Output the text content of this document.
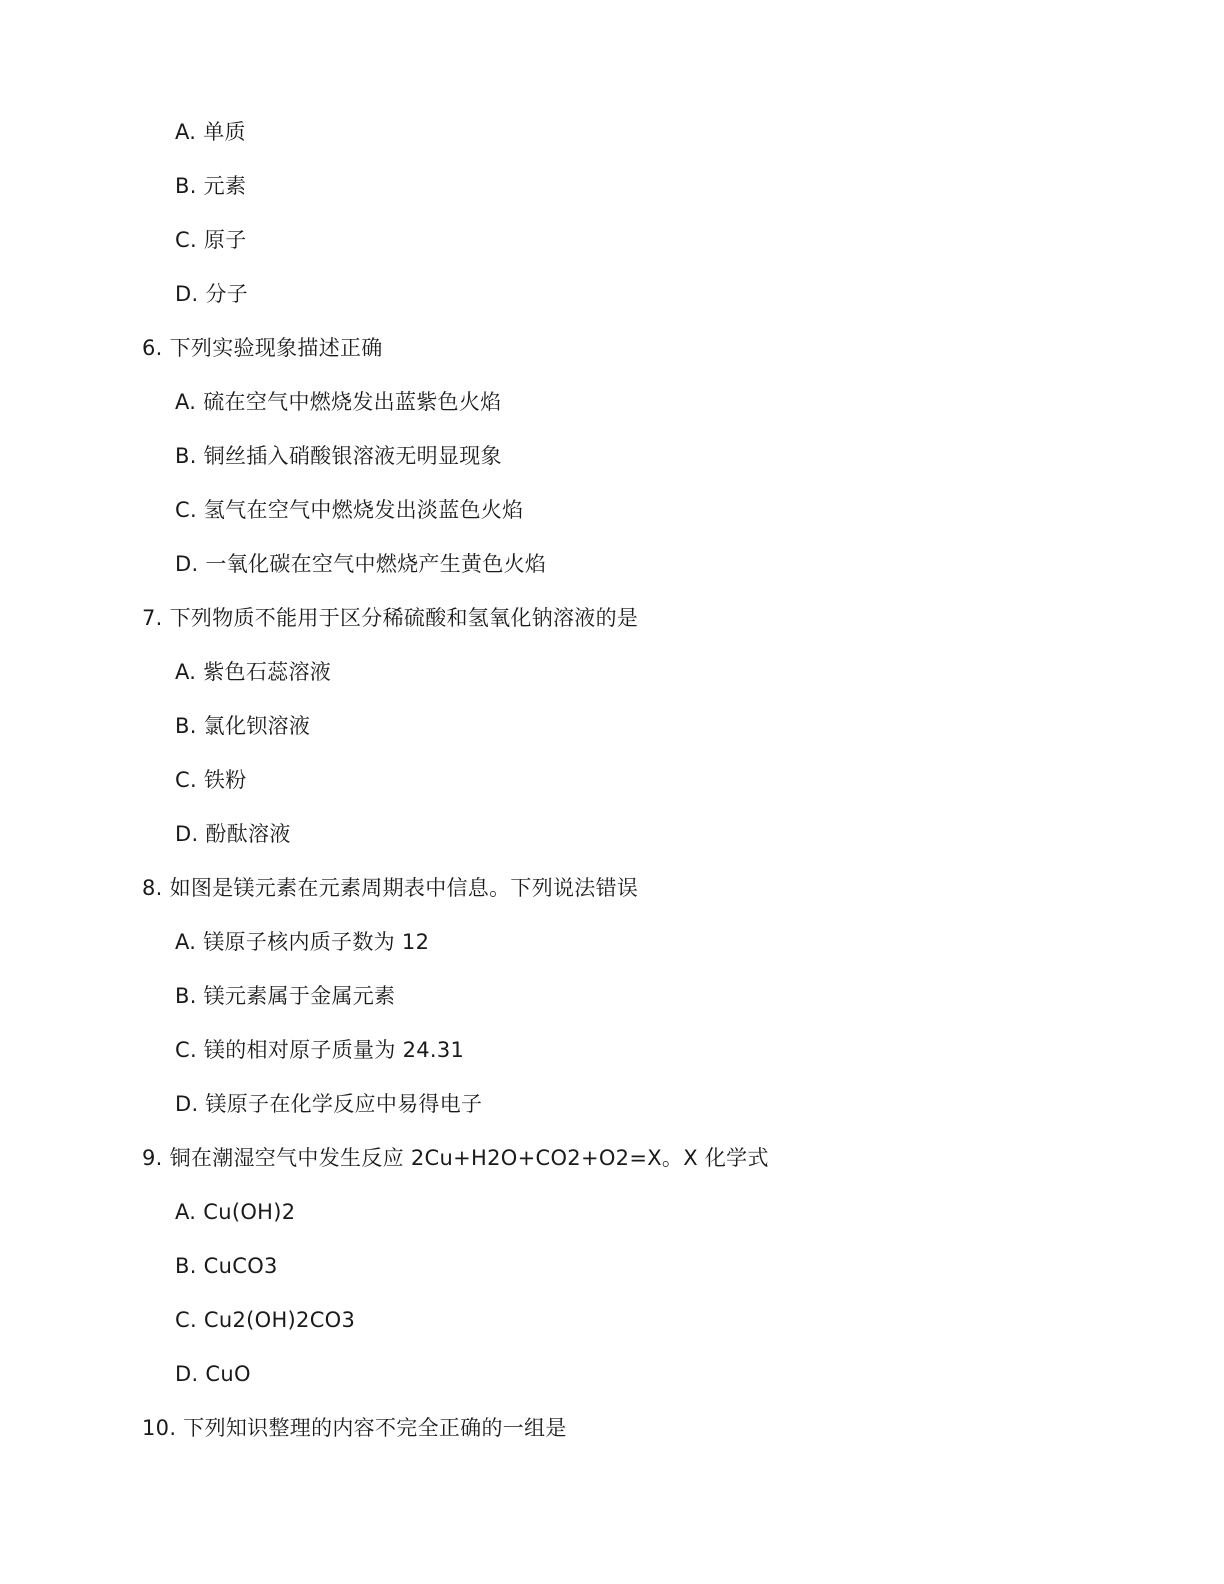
A. 单质
B. 元素
C. 原子
D. 分子
6. 下列实验现象描述正确
A. 硫在空气中燃烧发出蓝紫色火焰
B. 铜丝插入硝酸银溶液无明显现象
C. 氢气在空气中燃烧发出淡蓝色火焰
D. 一氧化碳在空气中燃烧产生黄色火焰
7. 下列物质不能用于区分稀硫酸和氢氧化钠溶液的是
A. 紫色石蕊溶液
B. 氯化钡溶液
C. 铁粉
D. 酚酞溶液
8. 如图是镁元素在元素周期表中信息。下列说法错误
A. 镁原子核内质子数为 12
B. 镁元素属于金属元素
C. 镁的相对原子质量为 24.31
D. 镁原子在化学反应中易得电子
9. 铜在潮湿空气中发生反应 2Cu+H2O+CO2+O2=X。X 化学式
A. Cu(OH)2
B. CuCO3
C. Cu2(OH)2CO3
D. CuO
10. 下列知识整理的内容不完全正确的一组是
